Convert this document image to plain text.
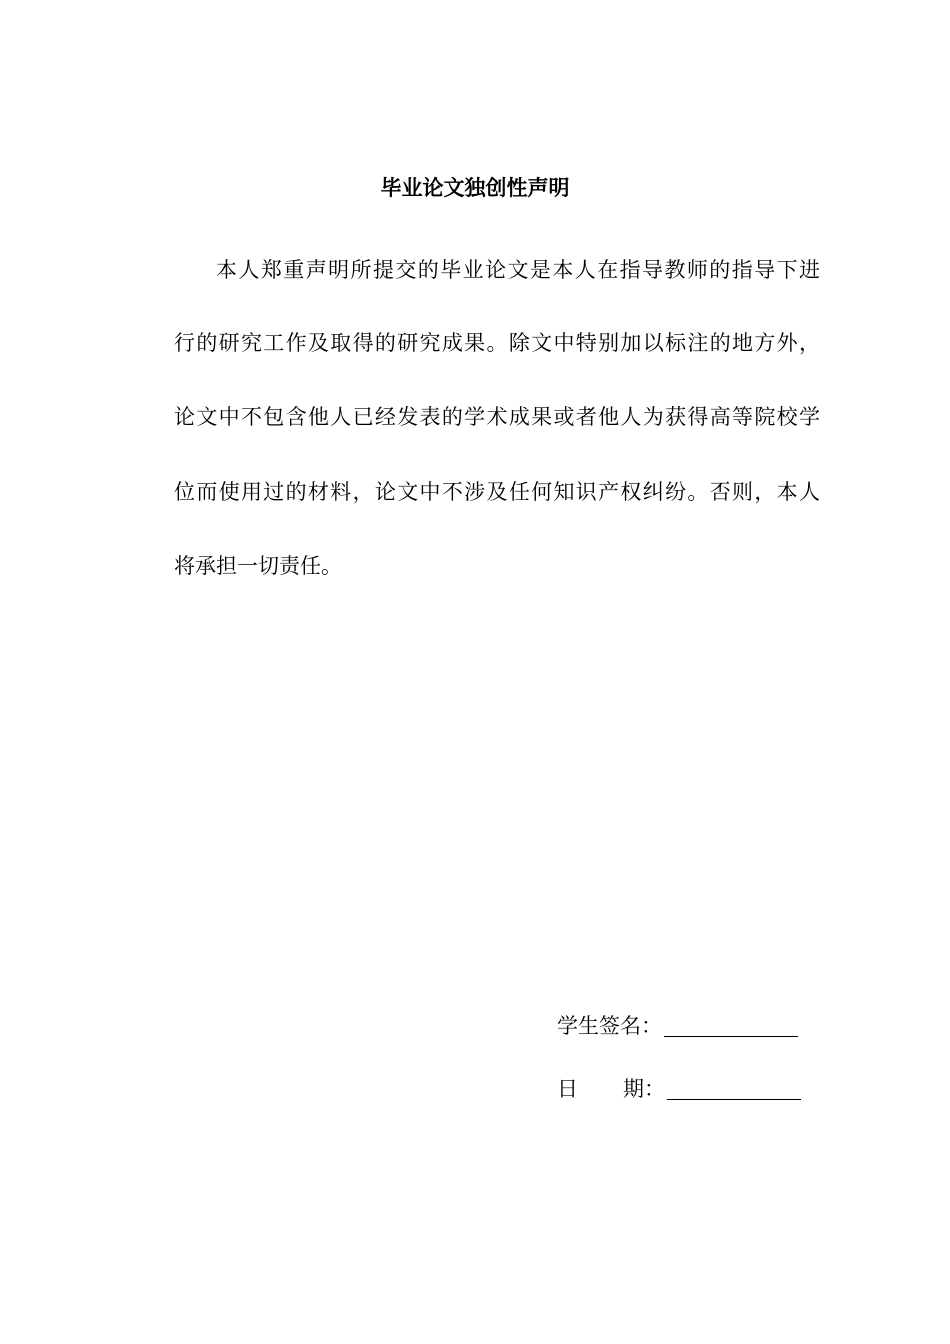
毕业论文独创性声明
本人郑重声明所提交的毕业论文是本人在指导教师的指导下进
行的研究工作及取得的研究成果。除文中特别加以标注的地方外，
论文中不包含他人已经发表的学术成果或者他人为获得高等院校学
位而使用过的材料，论文中不涉及任何知识产权纠纷。否则，本人
将承担一切责任。
学生签名：
日 期：
